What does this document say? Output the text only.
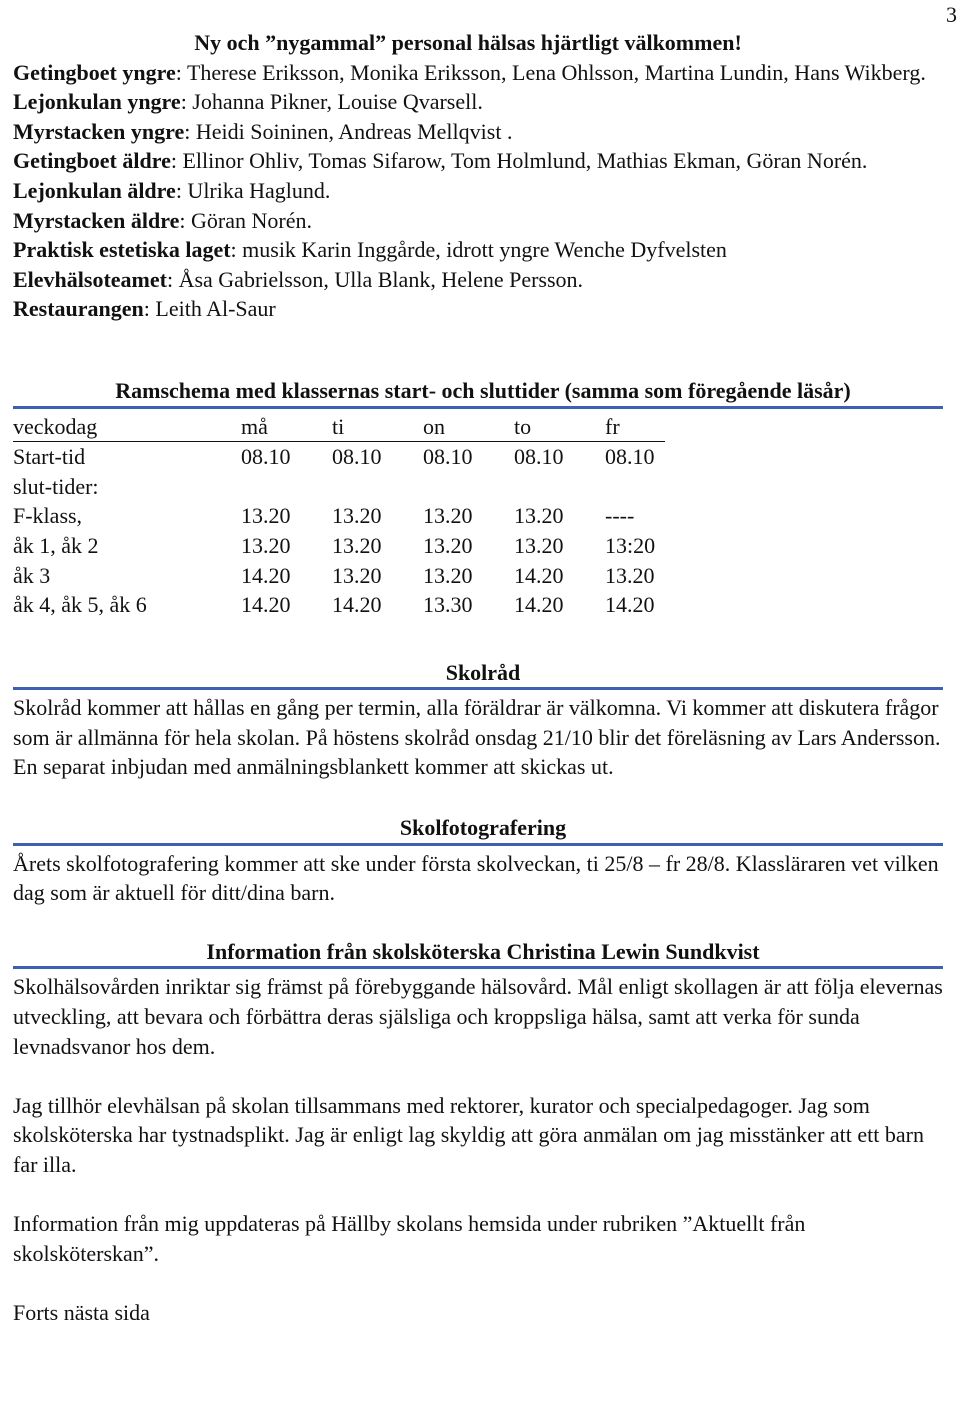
3
Ny och ”nygammal” personal hälsas hjärtligt välkommen!
Getingboet yngre: Therese Eriksson, Monika Eriksson, Lena Ohlsson, Martina Lundin, Hans Wikberg.
Lejonkulan yngre: Johanna Pikner, Louise Qvarsell.
Myrstacken yngre: Heidi Soininen, Andreas Mellqvist .
Getingboet äldre: Ellinor Ohliv, Tomas Sifarow, Tom Holmlund, Mathias Ekman, Göran Norén.
Lejonkulan äldre: Ulrika Haglund.
Myrstacken äldre: Göran Norén.
Praktisk estetiska laget: musik Karin Inggårde, idrott yngre Wenche Dyfvelsten
Elevhälsoteamet: Åsa Gabrielsson, Ulla Blank, Helene Persson.
Restaurangen: Leith Al-Saur
Ramschema med klassernas start- och sluttider (samma som föregående läsår)
veckodag	må	ti	on	to	fr
Start-tid	08.10	08.10	08.10	08.10	08.10
slut-tider:					
F-klass,	13.20	13.20	13.20	13.20	----
åk 1, åk 2	13.20	13.20	13.20	13.20	13:20
åk 3	14.20	13.20	13.20	14.20	13.20
åk 4, åk 5, åk 6	14.20	14.20	13.30	14.20	14.20
Skolråd

Skolråd kommer att hållas en gång per termin, alla föräldrar är välkomna. Vi kommer att diskutera frågor som är allmänna för hela skolan. På höstens skolråd onsdag 21/10 blir det föreläsning av Lars Andersson. En separat inbjudan med anmälningsblankett kommer att skickas ut.

Skolfotografering

Årets skolfotografering kommer att ske under första skolveckan, ti 25/8 – fr 28/8. Klassläraren vet vilken dag som är aktuell för ditt/dina barn.

Information från skolsköterska Christina Lewin Sundkvist

Skolhälsovården inriktar sig främst på förebyggande hälsovård. Mål enligt skollagen är att följa elevernas utveckling, att bevara och förbättra deras själsliga och kroppsliga hälsa, samt att verka för sunda levnadsvanor hos dem.

Jag tillhör elevhälsan på skolan tillsammans med rektorer, kurator och specialpedagoger. Jag som skolsköterska har tystnadsplikt. Jag är enligt lag skyldig att göra anmälan om jag misstänker att ett barn far illa.

Information från mig uppdateras på Hällby skolans hemsida under rubriken ”Aktuellt från skolsköterskan”.

Forts nästa sida
